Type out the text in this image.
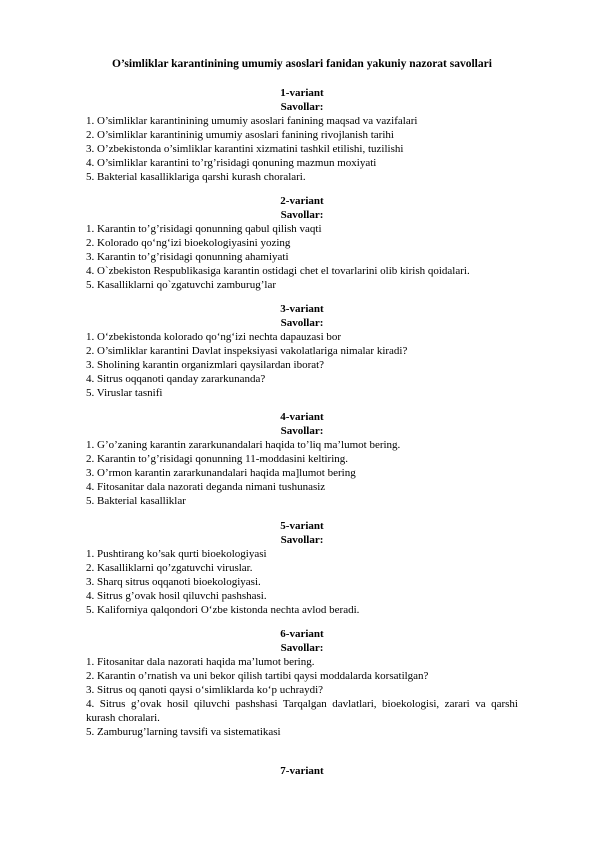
O’simliklar karantinining umumiy asoslari fanidan yakuniy nazorat savollari
1-variant
Savollar:
1. O’simliklar karantinining umumiy asoslari fanining maqsad va vazifalari
2. O’simliklar karantininig umumiy asoslari fanining rivojlanish tarihi
3. O’zbekistonda o’simliklar karantini xizmatini tashkil etilishi, tuzilishi
4. O’simliklar karantini to’rg’risidagi qonuning mazmun moxiyati
5. Bakterial kasalliklariga qarshi kurash choralari.
2-variant
Savollar:
1. Karantin to’g’risidagi qonunning qabul qilish vaqti
2. Kolorado qo‘ng‘izi bioekologiyasini yozing
3. Karantin to’g’risidagi qonunning ahamiyati
4. O`zbekiston Respublikasiga karantin ostidagi chet el tovarlarini olib kirish qoidalari.
5. Kasalliklarni qo`zgatuvchi zamburug’lar
3-variant
Savollar:
1. O‘zbekistonda kolorado qo‘ng‘izi nechta dapauzasi bor
2. O’simliklar karantini Davlat inspeksiyasi vakolatlariga nimalar kiradi?
3. Sholining karantin organizmlari qaysilardan iborat?
4. Sitrus oqqanoti qanday zararkunanda?
5. Viruslar tasnifi
4-variant
Savollar:
1. G’o’zaning karantin zararkunandalari haqida to’liq ma’lumot bering.
2. Karantin to’g’risidagi qonunning 11-moddasini keltiring.
3. O’rmon karantin zararkunandalari haqida ma]lumot bering
4. Fitosanitar dala nazorati deganda nimani tushunasiz
5. Bakterial kasalliklar
5-variant
Savollar:
1. Pushtirang ko’sak qurti bioekologiyasi
2. Kasalliklarni qo’zgatuvchi viruslar.
3. Sharq sitrus oqqanoti bioekologiyasi.
4. Sitrus g’ovak hosil qiluvchi pashshasi.
5. Kaliforniya qalqondori O‘zbe kistonda nechta avlod beradi.
6-variant
Savollar:
1. Fitosanitar dala nazorati haqida ma’lumot bering.
2. Karantin o’rnatish va uni bekor qilish tartibi qaysi moddalarda korsatilgan?
3. Sitrus oq qanoti qaysi o‘simliklarda ko‘p uchraydi?
4. Sitrus g’ovak hosil qiluvchi pashshasi Tarqalgan davlatlari, bioekologisi, zarari va qarshi kurash choralari.
5. Zamburug’larning tavsifi va sistematikasi
7-variant
